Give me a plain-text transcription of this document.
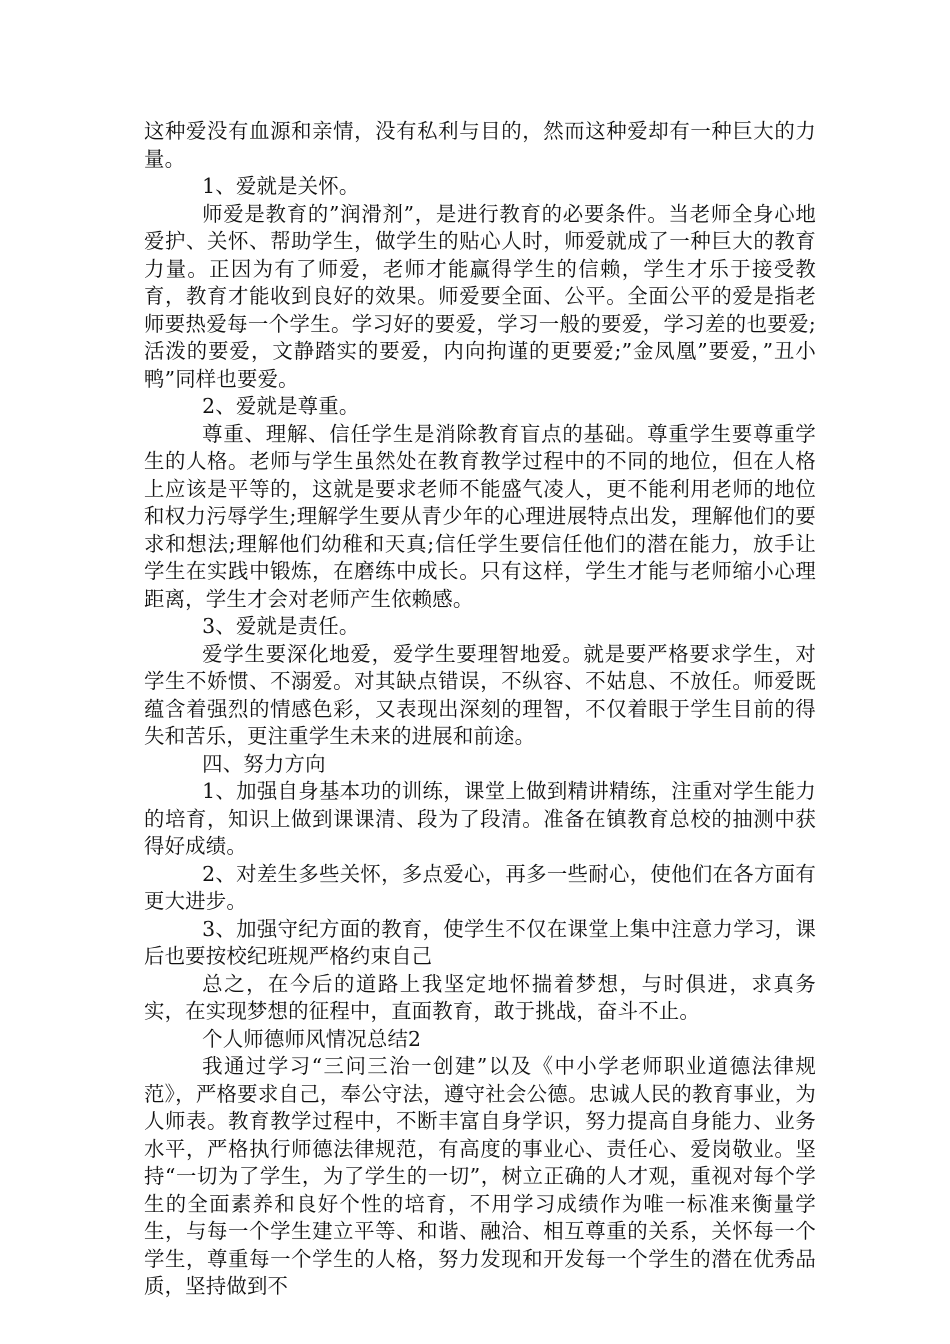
这种爱没有血源和亲情，没有私利与目的，然而这种爱却有一种巨大的力量。

1、爱就是关怀。

师爱是教育的”润滑剂”，是进行教育的必要条件。当老师全身心地爱护、关怀、帮助学生，做学生的贴心人时，师爱就成了一种巨大的教育力量。正因为有了师爱，老师才能赢得学生的信赖，学生才乐于接受教育，教育才能收到良好的效果。师爱要全面、公平。全面公平的爱是指老师要热爱每一个学生。学习好的要爱，学习一般的要爱，学习差的也要爱;活泼的要爱，文静踏实的要爱，内向拘谨的更要爱;”金凤凰”要爱，”丑小鸭”同样也要爱。

2、爱就是尊重。

尊重、理解、信任学生是消除教育盲点的基础。尊重学生要尊重学生的人格。老师与学生虽然处在教育教学过程中的不同的地位，但在人格上应该是平等的，这就是要求老师不能盛气凌人，更不能利用老师的地位和权力污辱学生;理解学生要从青少年的心理进展特点出发，理解他们的要求和想法;理解他们幼稚和天真;信任学生要信任他们的潜在能力，放手让学生在实践中锻炼，在磨练中成长。只有这样，学生才能与老师缩小心理距离，学生才会对老师产生依赖感。

3、爱就是责任。

爱学生要深化地爱，爱学生要理智地爱。就是要严格要求学生，对学生不娇惯、不溺爱。对其缺点错误，不纵容、不姑息、不放任。师爱既蕴含着强烈的情感色彩，又表现出深刻的理智，不仅着眼于学生目前的得失和苦乐，更注重学生未来的进展和前途。

四、努力方向

1、加强自身基本功的训练，课堂上做到精讲精练，注重对学生能力的培育，知识上做到课课清、段为了段清。准备在镇教育总校的抽测中获得好成绩。

2、对差生多些关怀，多点爱心，再多一些耐心，使他们在各方面有更大进步。

3、加强守纪方面的教育，使学生不仅在课堂上集中注意力学习，课后也要按校纪班规严格约束自己

总之，在今后的道路上我坚定地怀揣着梦想，与时俱进，求真务实，在实现梦想的征程中，直面教育，敢于挑战，奋斗不止。

个人师德师风情况总结2

我通过学习“三问三治一创建”以及《中小学老师职业道德法律规范》，严格要求自己，奉公守法，遵守社会公德。忠诚人民的教育事业，为人师表。教育教学过程中，不断丰富自身学识，努力提高自身能力、业务水平，严格执行师德法律规范，有高度的事业心、责任心、爱岗敬业。坚持“一切为了学生，为了学生的一切”，树立正确的人才观，重视对每个学生的全面素养和良好个性的培育，不用学习成绩作为唯一标准来衡量学生，与每一个学生建立平等、和谐、融洽、相互尊重的关系，关怀每一个学生，尊重每一个学生的人格，努力发现和开发每一个学生的潜在优秀品质，坚持做到不
